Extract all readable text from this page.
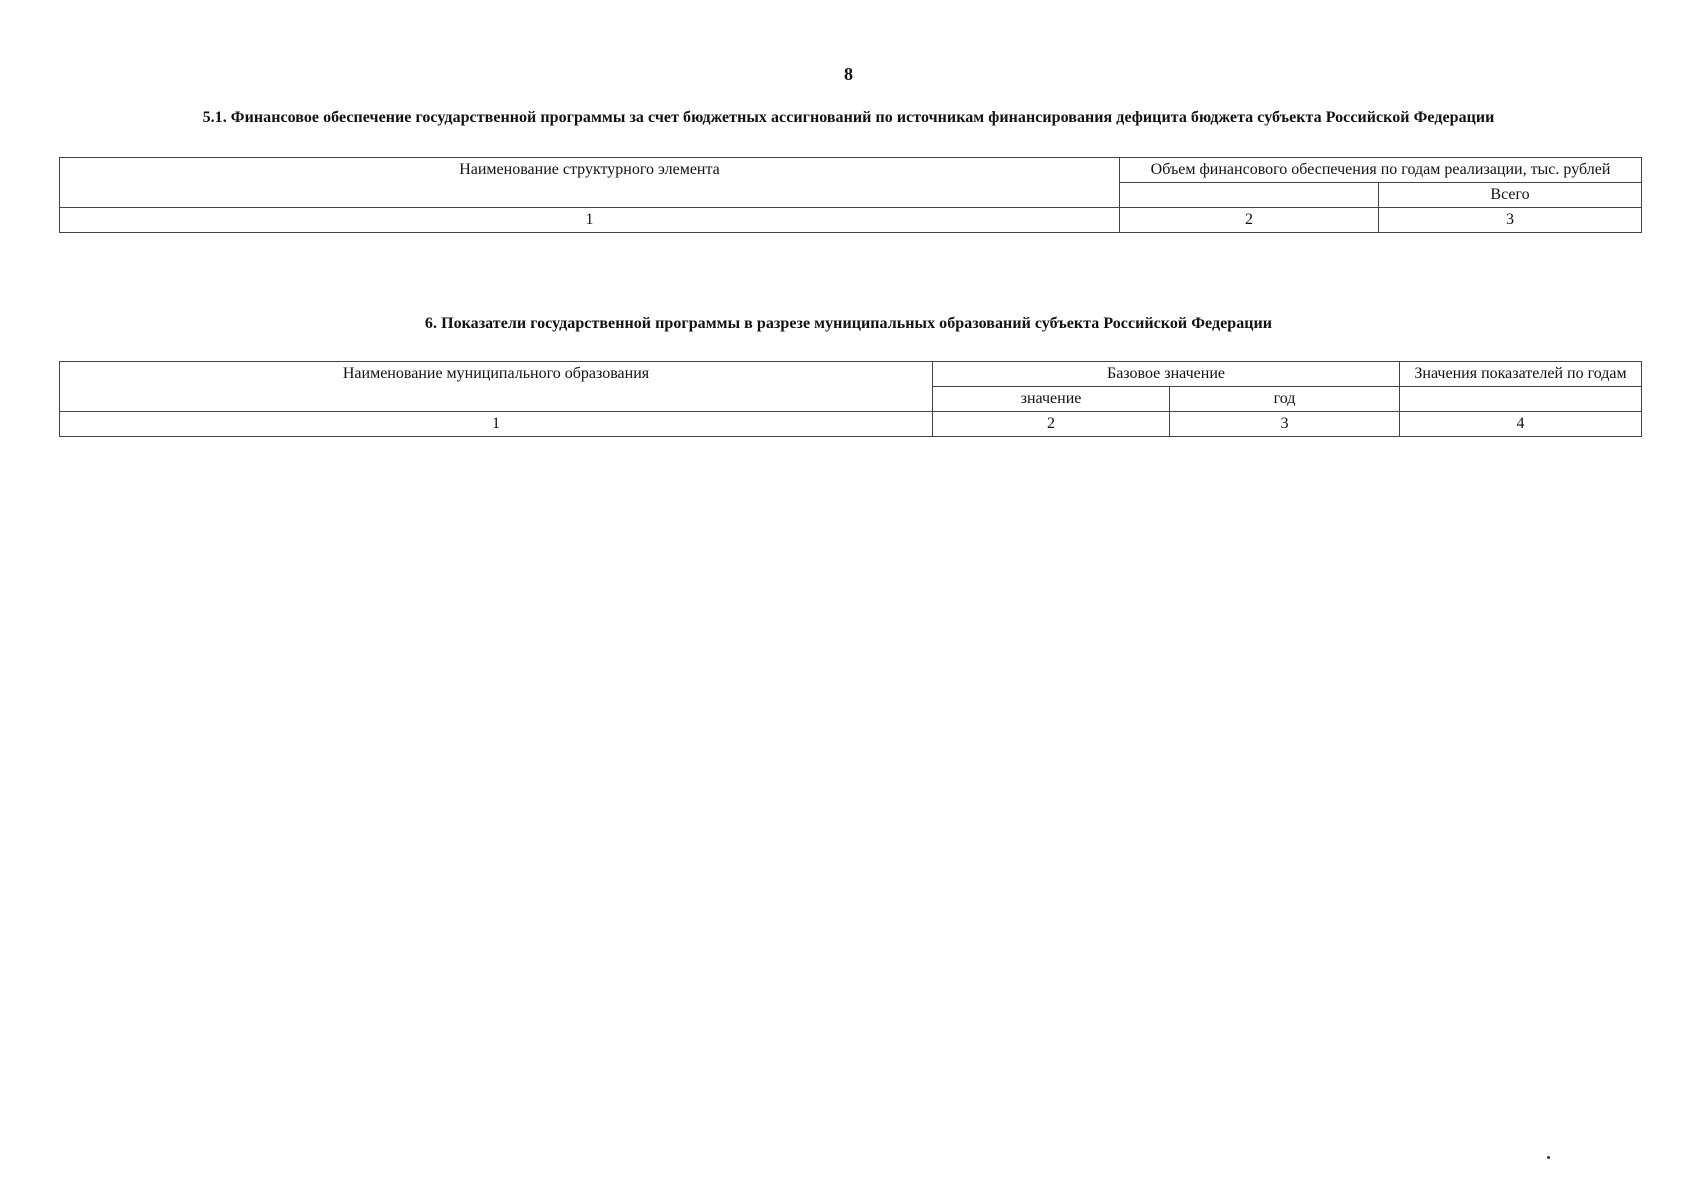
8
5.1. Финансовое обеспечение государственной программы за счет бюджетных ассигнований по источникам финансирования дефицита бюджета субъекта Российской Федерации
Наименование структурного элемента	Объем финансового обеспечения по годам реализации, тыс. рублей	
		Всего
1	2	3
6. Показатели государственной программы в разрезе муниципальных образований субъекта Российской Федерации
Наименование муниципального образования	Базовое значение		Значения показателей по годам
	значение	год	
1	2	3	4
